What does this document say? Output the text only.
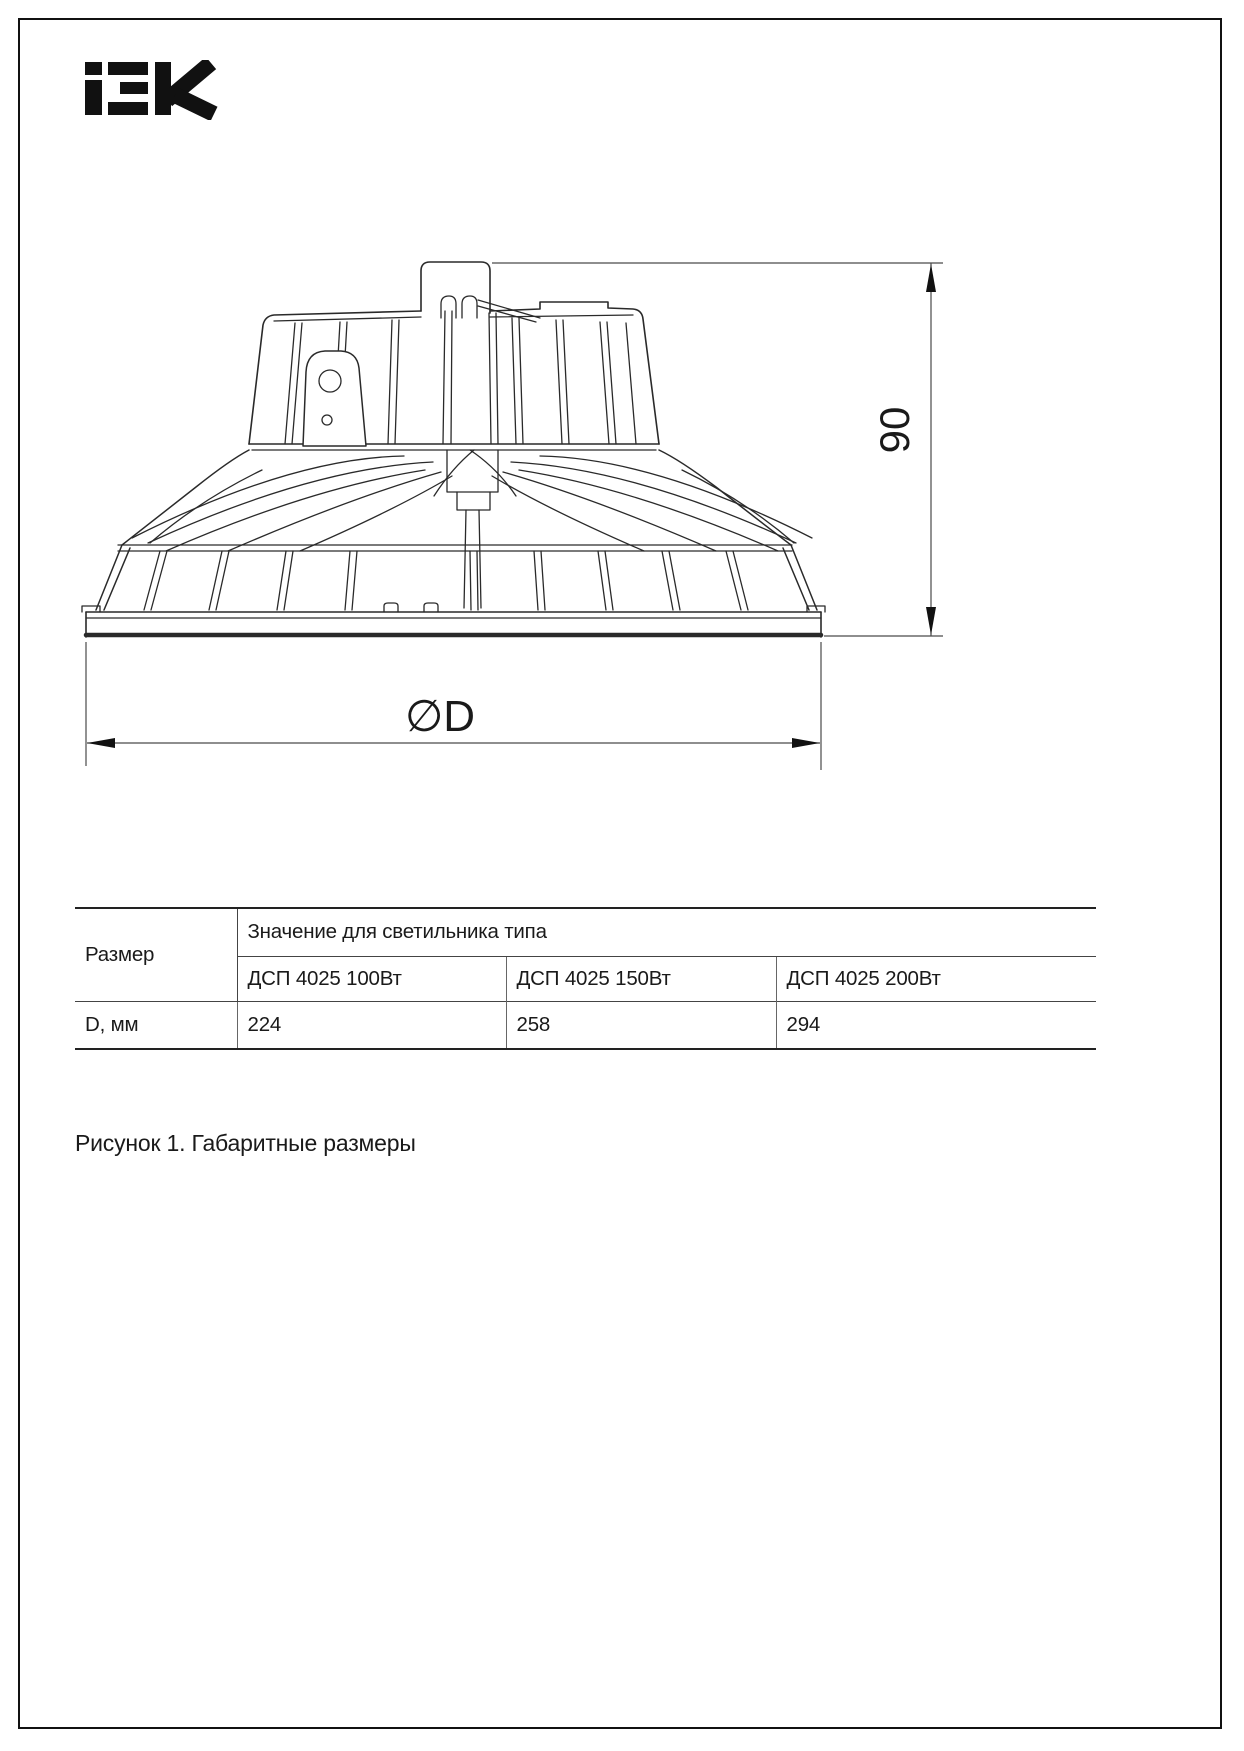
90
∅D
Размер	Значение для светильника типа		
	ДСП 4025 100Вт	ДСП 4025 150Вт	ДСП 4025 200Вт
D, мм	224	258	294
Рисунок 1. Габаритные размеры
